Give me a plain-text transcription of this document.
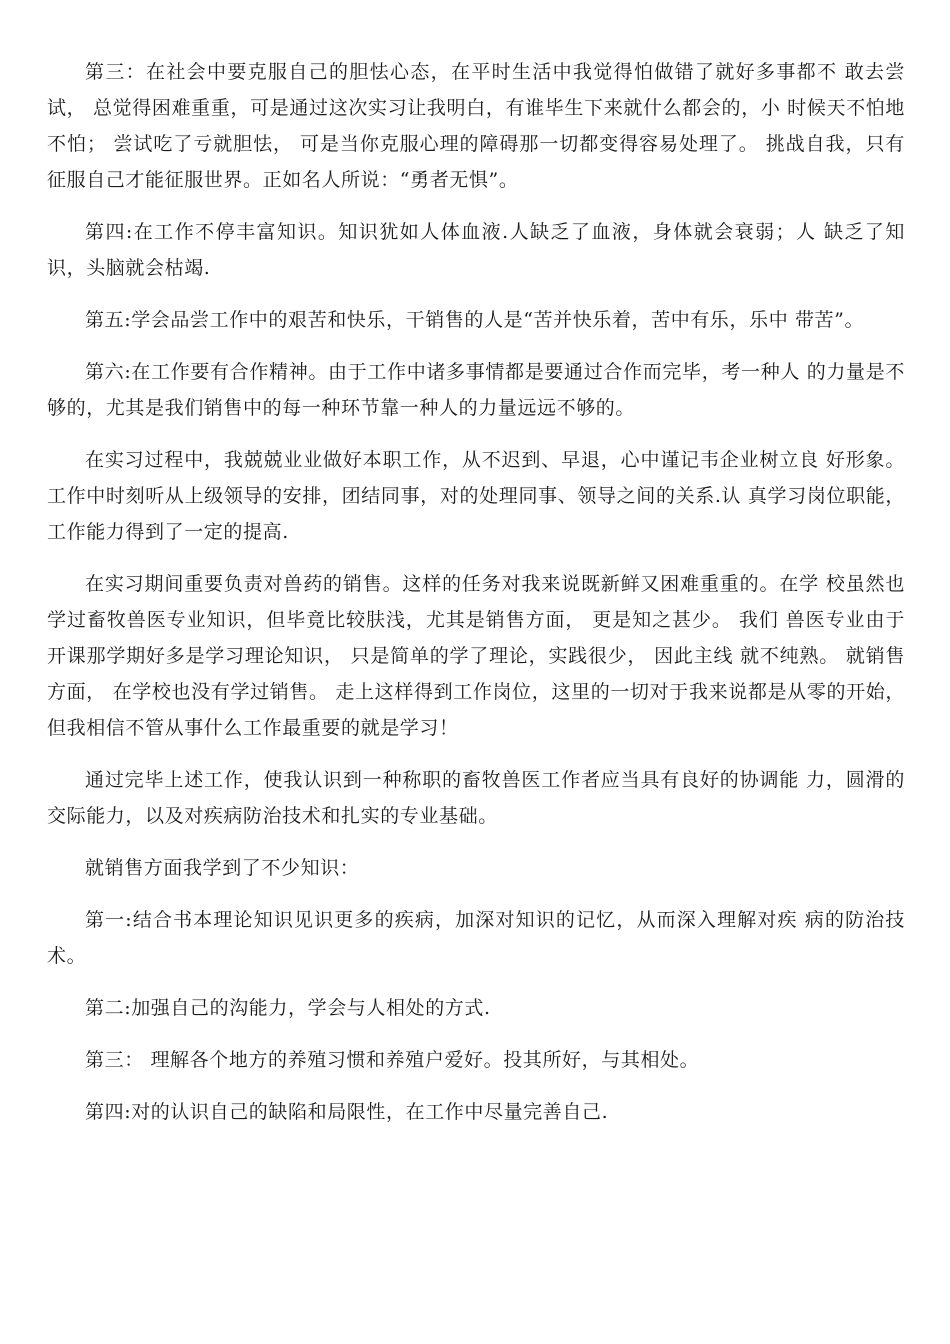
第三：在社会中要克服自己的胆怯心态，在平时生活中我觉得怕做错了就好多事都不 敢去尝试， 总觉得困难重重，可是通过这次实习让我明白，有谁毕生下来就什么都会的，小 时候天不怕地不怕； 尝试吃了亏就胆怯， 可是当你克服心理的障碍那一切都变得容易处理了。 挑战自我，只有征服自己才能征服世界。正如名人所说：“勇者无惧”。

第四:在工作不停丰富知识。知识犹如人体血液.人缺乏了血液，身体就会衰弱；人 缺乏了知识，头脑就会枯竭.

第五:学会品尝工作中的艰苦和快乐，干销售的人是“苦并快乐着，苦中有乐，乐中 带苦”。

第六:在工作要有合作精神。由于工作中诸多事情都是要通过合作而完毕，考一种人 的力量是不够的，尤其是我们销售中的每一种环节靠一种人的力量远远不够的。

在实习过程中，我兢兢业业做好本职工作，从不迟到、早退，心中谨记韦企业树立良 好形象。工作中时刻听从上级领导的安排，团结同事，对的处理同事、领导之间的关系.认 真学习岗位职能，工作能力得到了一定的提高.

在实习期间重要负责对兽药的销售。这样的任务对我来说既新鲜又困难重重的。在学 校虽然也学过畜牧兽医专业知识，但毕竟比较肤浅，尤其是销售方面， 更是知之甚少。 我们 兽医专业由于开课那学期好多是学习理论知识， 只是简单的学了理论，实践很少， 因此主线 就不纯熟。 就销售方面， 在学校也没有学过销售。 走上这样得到工作岗位，这里的一切对于我来说都是从零的开始，但我相信不管从事什么工作最重要的就是学习！

通过完毕上述工作，使我认识到一种称职的畜牧兽医工作者应当具有良好的协调能 力，圆滑的交际能力，以及对疾病防治技术和扎实的专业基础。

就销售方面我学到了不少知识：

第一:结合书本理论知识见识更多的疾病，加深对知识的记忆，从而深入理解对疾 病的防治技术。

第二:加强自己的沟能力，学会与人相处的方式.

第三： 理解各个地方的养殖习惯和养殖户爱好。投其所好，与其相处。

第四:对的认识自己的缺陷和局限性，在工作中尽量完善自己.
